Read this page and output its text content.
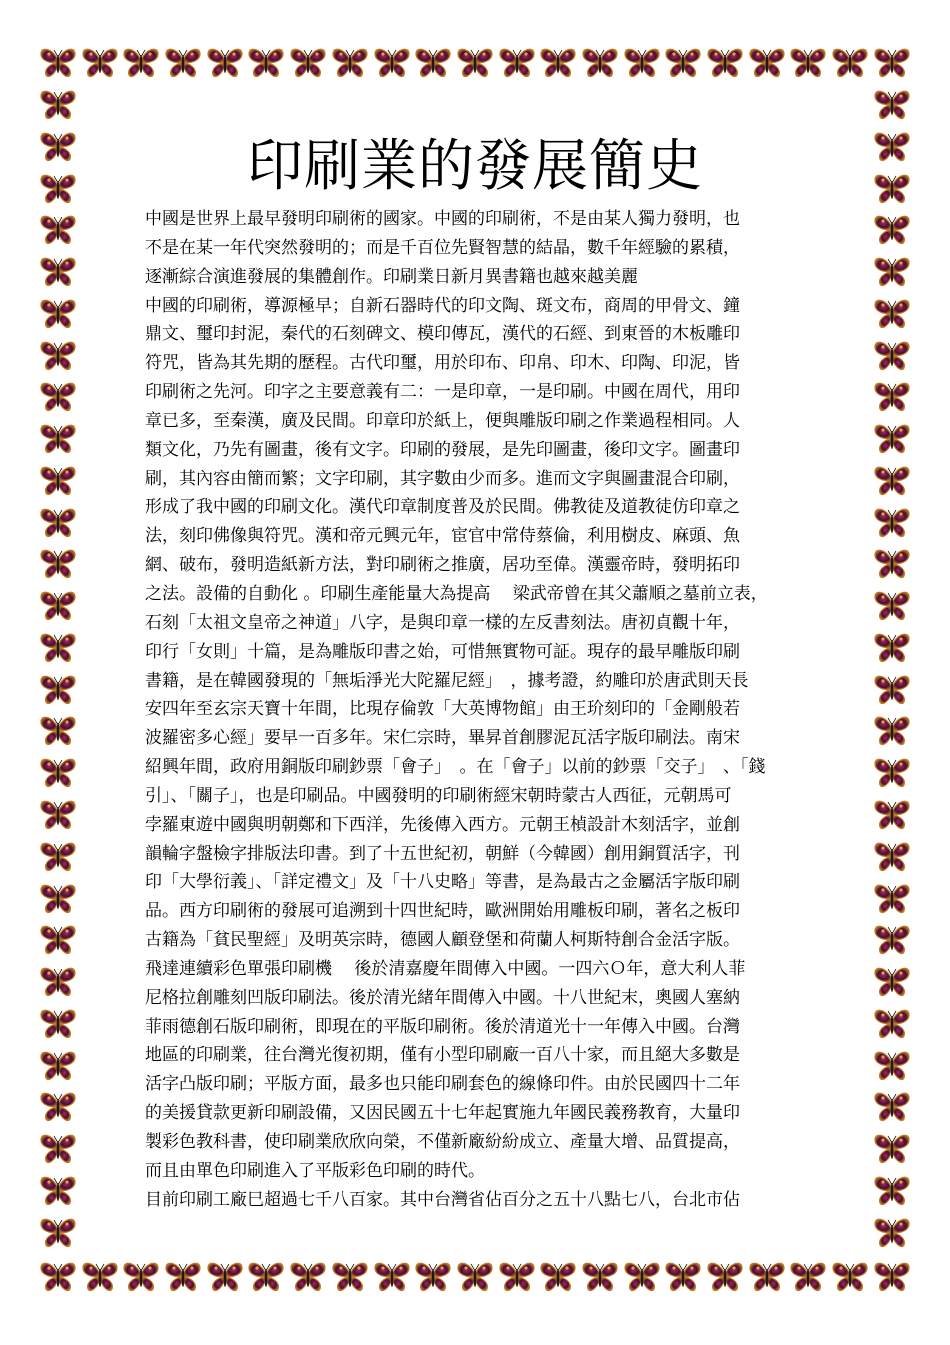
印刷業的發展簡史

中國是世界上最早發明印刷術的國家。中國的印刷術，不是由某人獨力發明，也

不是在某一年代突然發明的；而是千百位先賢智慧的結晶，數千年經驗的累積，

逐漸綜合演進發展的集體創作。印刷業日新月異書籍也越來越美麗

中國的印刷術，導源極早；自新石器時代的印文陶、斑文布，商周的甲骨文、鐘

鼎文、璽印封泥，秦代的石刻碑文、模印傳瓦，漢代的石經、到東晉的木板雕印

符咒，皆為其先期的歷程。古代印璽，用於印布、印帛、印木、印陶、印泥，皆

印刷術之先河。印字之主要意義有二：一是印章，一是印刷。中國在周代，用印

章已多，至秦漢，廣及民間。印章印於紙上，便與雕版印刷之作業過程相同。人

類文化，乃先有圖畫，後有文字。印刷的發展，是先印圖畫，後印文字。圖畫印

刷，其內容由簡而繁；文字印刷，其字數由少而多。進而文字與圖畫混合印刷，

形成了我中國的印刷文化。漢代印章制度普及於民間。佛教徒及道教徒仿印章之

法，刻印佛像與符咒。漢和帝元興元年，宦官中常侍蔡倫，利用樹皮、麻頭、魚

網、破布，發明造紙新方法，對印刷術之推廣，居功至偉。漢靈帝時，發明拓印

之法。設備的自動化 。印刷生產能量大為提高　 梁武帝曾在其父蕭順之墓前立表，

石刻「太祖文皇帝之神道」八字，是與印章一樣的左反書刻法。唐初貞觀十年，

印行「女則」十篇，是為雕版印書之始，可惜無實物可証。現存的最早雕版印刷

書籍，是在韓國發現的「無垢淨光大陀羅尼經」　，據考證，約雕印於唐武則天長

安四年至玄宗天寶十年間，比現存倫敦「大英博物館」由王玠刻印的「金剛般若

波羅密多心經」要早一百多年。宋仁宗時，畢昇首創膠泥瓦活字版印刷法。南宋

紹興年間，政府用銅版印刷鈔票「會子」　。在「會子」以前的鈔票「交子」　、「錢

引」、「關子」，也是印刷品。中國發明的印刷術經宋朝時蒙古人西征，元朝馬可

孛羅東遊中國與明朝鄭和下西洋，先後傳入西方。元朝王楨設計木刻活字，並創

韻輪字盤檢字排版法印書。到了十五世紀初，朝鮮（今韓國）創用銅質活字，刊

印「大學衍義」、「詳定禮文」及「十八史略」等書，是為最古之金屬活字版印刷

品。西方印刷術的發展可追溯到十四世紀時，歐洲開始用雕板印刷，著名之板印

古籍為「貧民聖經」及明英宗時，德國人顧登堡和荷蘭人柯斯特創合金活字版。

飛達連續彩色單張印刷機　 後於清嘉慶年間傳入中國。一四六Ｏ年，意大利人菲

尼格拉創雕刻凹版印刷法。後於清光緒年間傳入中國。十八世紀末，奧國人塞納

菲雨德創石版印刷術，即現在的平版印刷術。後於清道光十一年傳入中國。台灣

地區的印刷業，往台灣光復初期，僅有小型印刷廠一百八十家，而且絕大多數是

活字凸版印刷；平版方面，最多也只能印刷套色的線條印件。由於民國四十二年

的美援貸款更新印刷設備，又因民國五十七年起實施九年國民義務教育，大量印

製彩色教科書，使印刷業欣欣向榮，不僅新廠紛紛成立、產量大增、品質提高，

而且由單色印刷進入了平版彩色印刷的時代。

目前印刷工廠巳超過七千八百家。其中台灣省佔百分之五十八點七八，台北市佔
